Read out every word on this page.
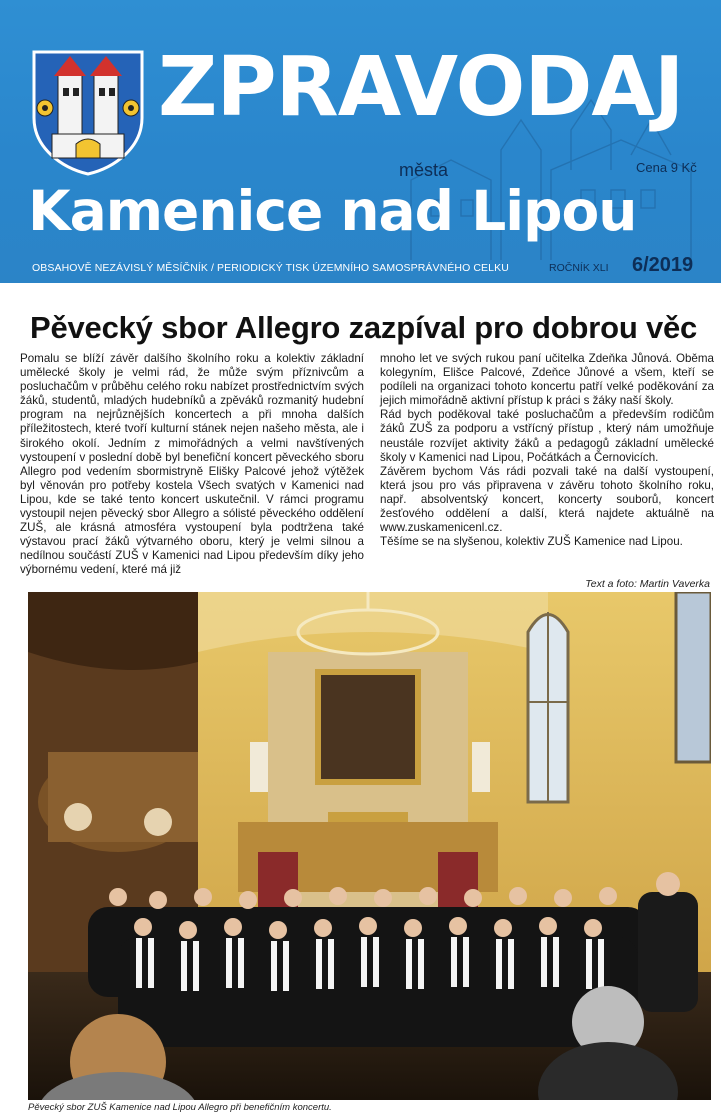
ZPRAVODAJ
města	Cena 9 Kč
Kamenice nad Lipou
OBSAHOVĚ NEZÁVISLÝ MĚSÍČNÍK / PERIODICKÝ TISK ÚZEMNÍHO SAMOSPRÁVNÉHO CELKU	ROČNÍK XLI 6/2019
Pěvecký sbor Allegro zazpíval pro dobrou věc

Pomalu se blíží závěr dalšího školního roku a kolektiv základní umělecké školy je velmi rád, že může svým příznivcům a posluchačům v průběhu celého roku nabízet prostřednictvím svých žáků, studentů, mladých hudebníků a zpěváků rozmanitý hudební program na nejrůznějších koncertech a při mnoha dalších příležitostech, které tvoří kulturní stánek nejen našeho města, ale i širokého okolí. Jedním z mimořádných a velmi navštívených vystoupení v poslední době byl benefiční koncert pěveckého sboru Allegro pod vedením sbormistryně Elišky Palcové jehož výtěžek byl věnován pro potřeby kostela Všech svatých v Kamenici nad Lipou, kde se také tento koncert uskutečnil. V rámci programu vystoupil nejen pěvecký sbor Allegro a sólisté pěveckého oddělení ZUŠ, ale krásná atmosféra vystoupení byla podtržena také výstavou prací žáků výtvarného oboru, který je velmi silnou a nedílnou součástí ZUŠ v Kamenici nad Lipou především díky jeho výbornému vedení, které má již

mnoho let ve svých rukou paní učitelka Zdeňka Jůnová. Oběma kolegyním, Elišce Palcové, Zdeňce Jůnové a všem, kteří se podíleli na organizaci tohoto koncertu patří velké poděkování za jejich mimořádně aktivní přístup k práci s žáky naší školy.

Rád bych poděkoval také posluchačům a především rodičům žáků ZUŠ za podporu a vstřícný přístup , který nám umožňuje neustále rozvíjet aktivity žáků a pedagogů základní umělecké školy v Kamenici nad Lipou, Počátkách a Černovicích.

Závěrem bychom Vás rádi pozvali také na další vystoupení, která jsou pro vás připravena v závěru tohoto školního roku, např. absolventský koncert, koncerty souborů, koncert žesťového oddělení a další, která najdete aktuálně na www.zuskamenicenl.cz.

Těšíme se na slyšenou, kolektiv ZUŠ Kamenice nad Lipou.

Text a foto: Martin Vaverka
Pěvecký sbor ZUŠ Kamenice nad Lipou Allegro při benefičním koncertu.
